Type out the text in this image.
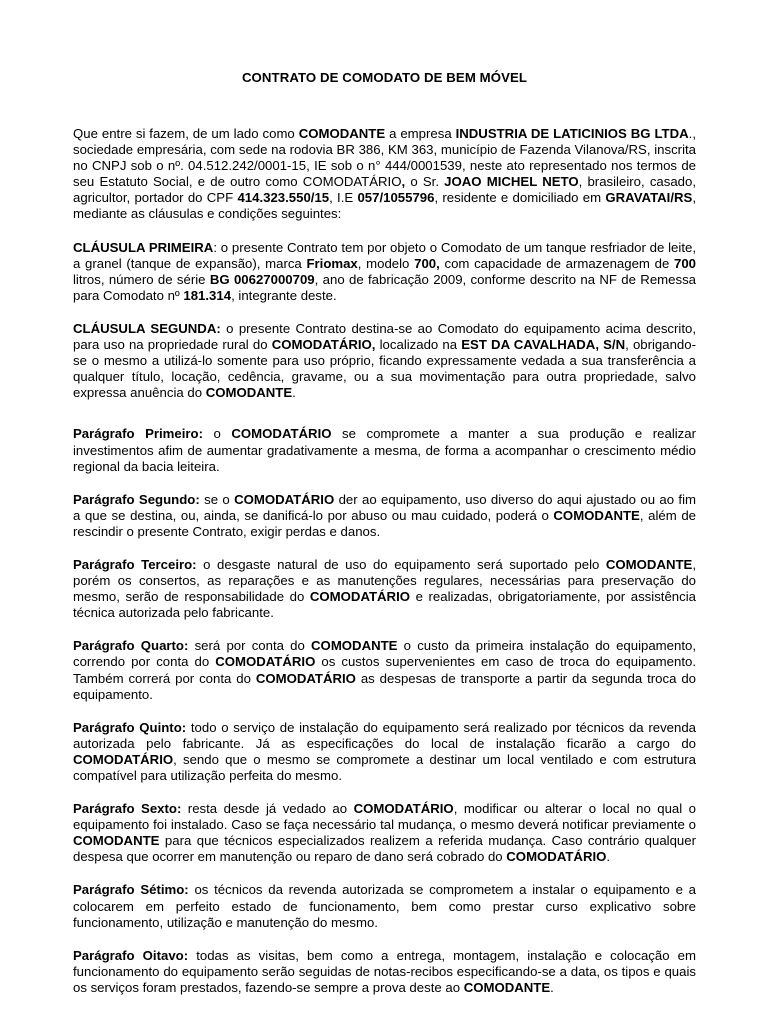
CONTRATO DE COMODATO DE BEM MÓVEL
Que entre si fazem, de um lado como COMODANTE a empresa INDUSTRIA DE LATICINIOS BG LTDA., sociedade empresária, com sede na rodovia BR 386, KM 363, município de Fazenda Vilanova/RS, inscrita no CNPJ sob o nº. 04.512.242/0001-15, IE sob o n° 444/0001539, neste ato representado nos termos de seu Estatuto Social, e de outro como COMODATÁRIO, o Sr. JOAO MICHEL NETO, brasileiro, casado, agricultor, portador do CPF 414.323.550/15, I.E 057/1055796, residente e domiciliado em GRAVATAI/RS, mediante as cláusulas e condições seguintes:
CLÁUSULA PRIMEIRA: o presente Contrato tem por objeto o Comodato de um tanque resfriador de leite, a granel (tanque de expansão), marca Friomax, modelo 700, com capacidade de armazenagem de 700 litros, número de série BG 00627000709, ano de fabricação 2009, conforme descrito na NF de Remessa para Comodato nº 181.314, integrante deste.
CLÁUSULA SEGUNDA: o presente Contrato destina-se ao Comodato do equipamento acima descrito, para uso na propriedade rural do COMODATÁRIO, localizado na EST DA CAVALHADA, S/N, obrigando-se o mesmo a utilizá-lo somente para uso próprio, ficando expressamente vedada a sua transferência a qualquer título, locação, cedência, gravame, ou a sua movimentação para outra propriedade, salvo expressa anuência do COMODANTE.
Parágrafo Primeiro: o COMODATÁRIO se compromete a manter a sua produção e realizar investimentos afim de aumentar gradativamente a mesma, de forma a acompanhar o crescimento médio regional da bacia leiteira.
Parágrafo Segundo: se o COMODATÁRIO der ao equipamento, uso diverso do aqui ajustado ou ao fim a que se destina, ou, ainda, se danificá-lo por abuso ou mau cuidado, poderá o COMODANTE, além de rescindir o presente Contrato, exigir perdas e danos.
Parágrafo Terceiro: o desgaste natural de uso do equipamento será suportado pelo COMODANTE, porém os consertos, as reparações e as manutenções regulares, necessárias para preservação do mesmo, serão de responsabilidade do COMODATÁRIO e realizadas, obrigatoriamente, por assistência técnica autorizada pelo fabricante.
Parágrafo Quarto: será por conta do COMODANTE o custo da primeira instalação do equipamento, correndo por conta do COMODATÁRIO os custos supervenientes em caso de troca do equipamento. Também correrá por conta do COMODATÁRIO as despesas de transporte a partir da segunda troca do equipamento.
Parágrafo Quinto: todo o serviço de instalação do equipamento será realizado por técnicos da revenda autorizada pelo fabricante. Já as especificações do local de instalação ficarão a cargo do COMODATÁRIO, sendo que o mesmo se compromete a destinar um local ventilado e com estrutura compatível para utilização perfeita do mesmo.
Parágrafo Sexto: resta desde já vedado ao COMODATÁRIO, modificar ou alterar o local no qual o equipamento foi instalado. Caso se faça necessário tal mudança, o mesmo deverá notificar previamente o COMODANTE para que técnicos especializados realizem a referida mudança. Caso contrário qualquer despesa que ocorrer em manutenção ou reparo de dano será cobrado do COMODATÁRIO.
Parágrafo Sétimo: os técnicos da revenda autorizada se comprometem a instalar o equipamento e a colocarem em perfeito estado de funcionamento, bem como prestar curso explicativo sobre funcionamento, utilização e manutenção do mesmo.
Parágrafo Oitavo: todas as visitas, bem como a entrega, montagem, instalação e colocação em funcionamento do equipamento serão seguidas de notas-recibos especificando-se a data, os tipos e quais os serviços foram prestados, fazendo-se sempre a prova deste ao COMODANTE.
